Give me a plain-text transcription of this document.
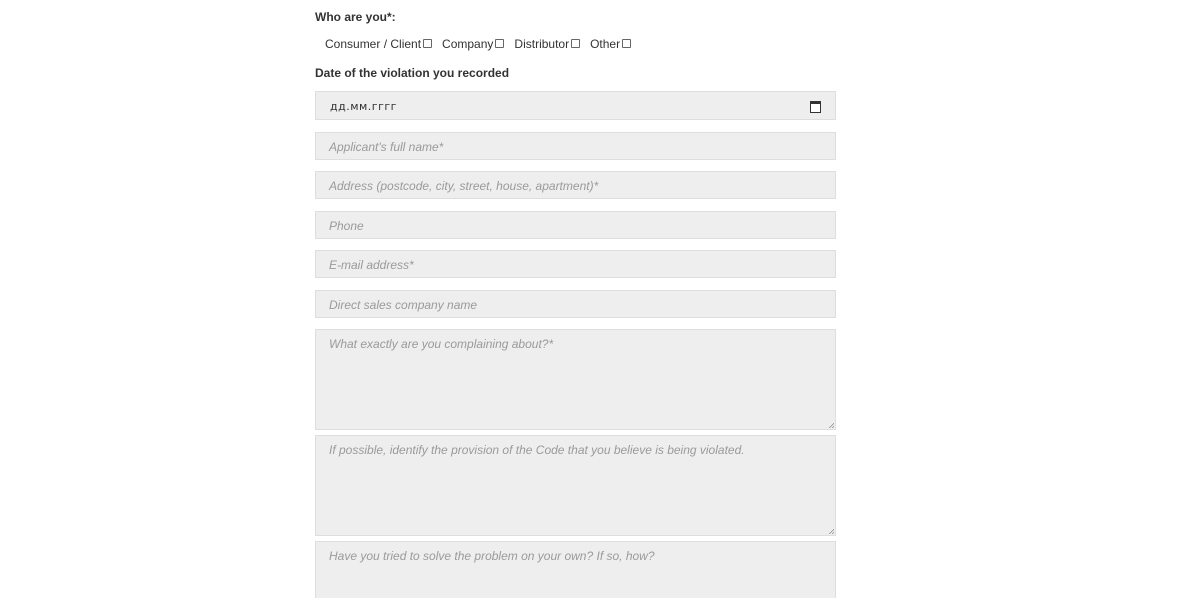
Who are you*:
Consumer / Client Company Distributor Other
Date of the violation you recorded
дд.мм.гггг
Applicant's full name*
Address (postcode, city, street, house, apartment)*
Phone
E-mail address*
Direct sales company name
What exactly are you complaining about?*
If possible, identify the provision of the Code that you believe is being violated.
Have you tried to solve the problem on your own? If so, how?
